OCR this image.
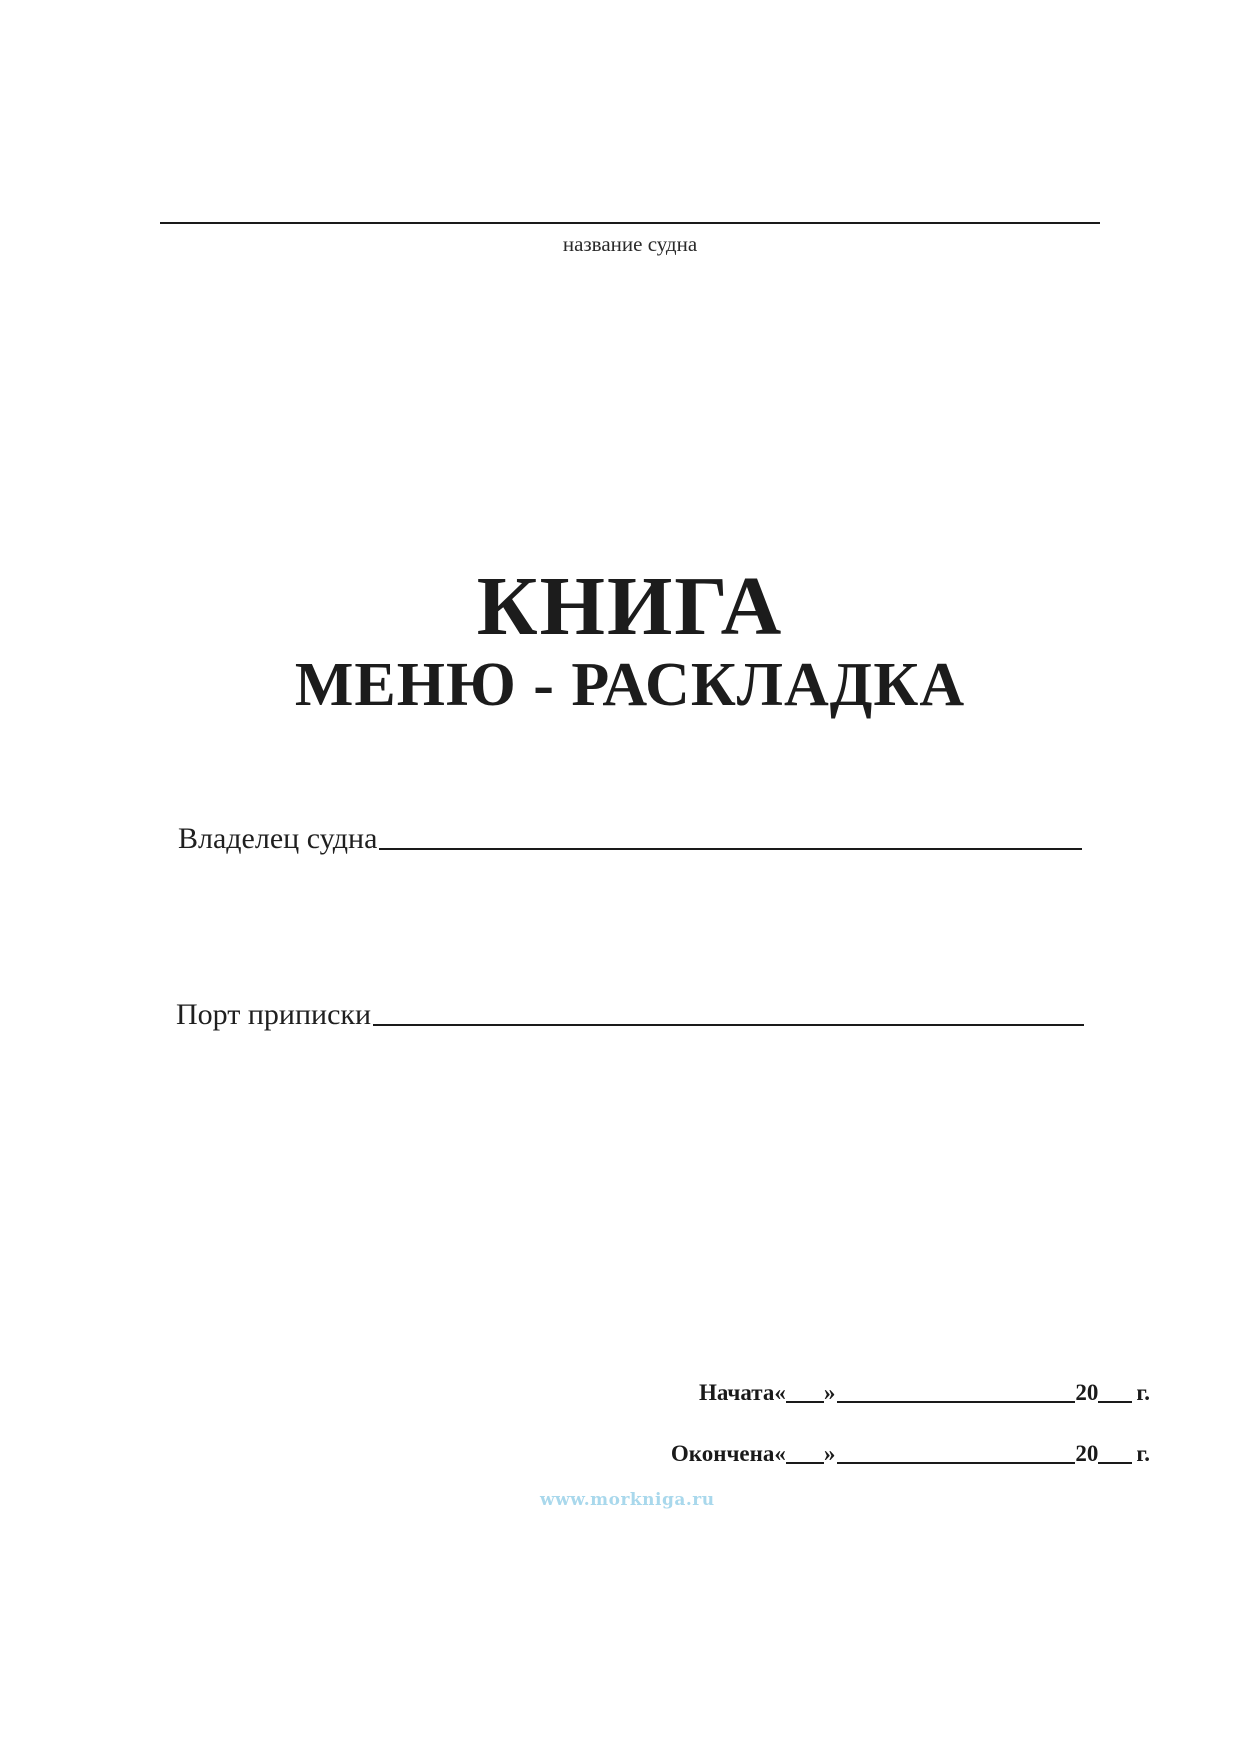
название судна
КНИГА
МЕНЮ - РАСКЛАДКА
Владелец судна
Порт приписки
Начата « »	20 г.
Окончена « »	20 г.
www.morkniga.ru
